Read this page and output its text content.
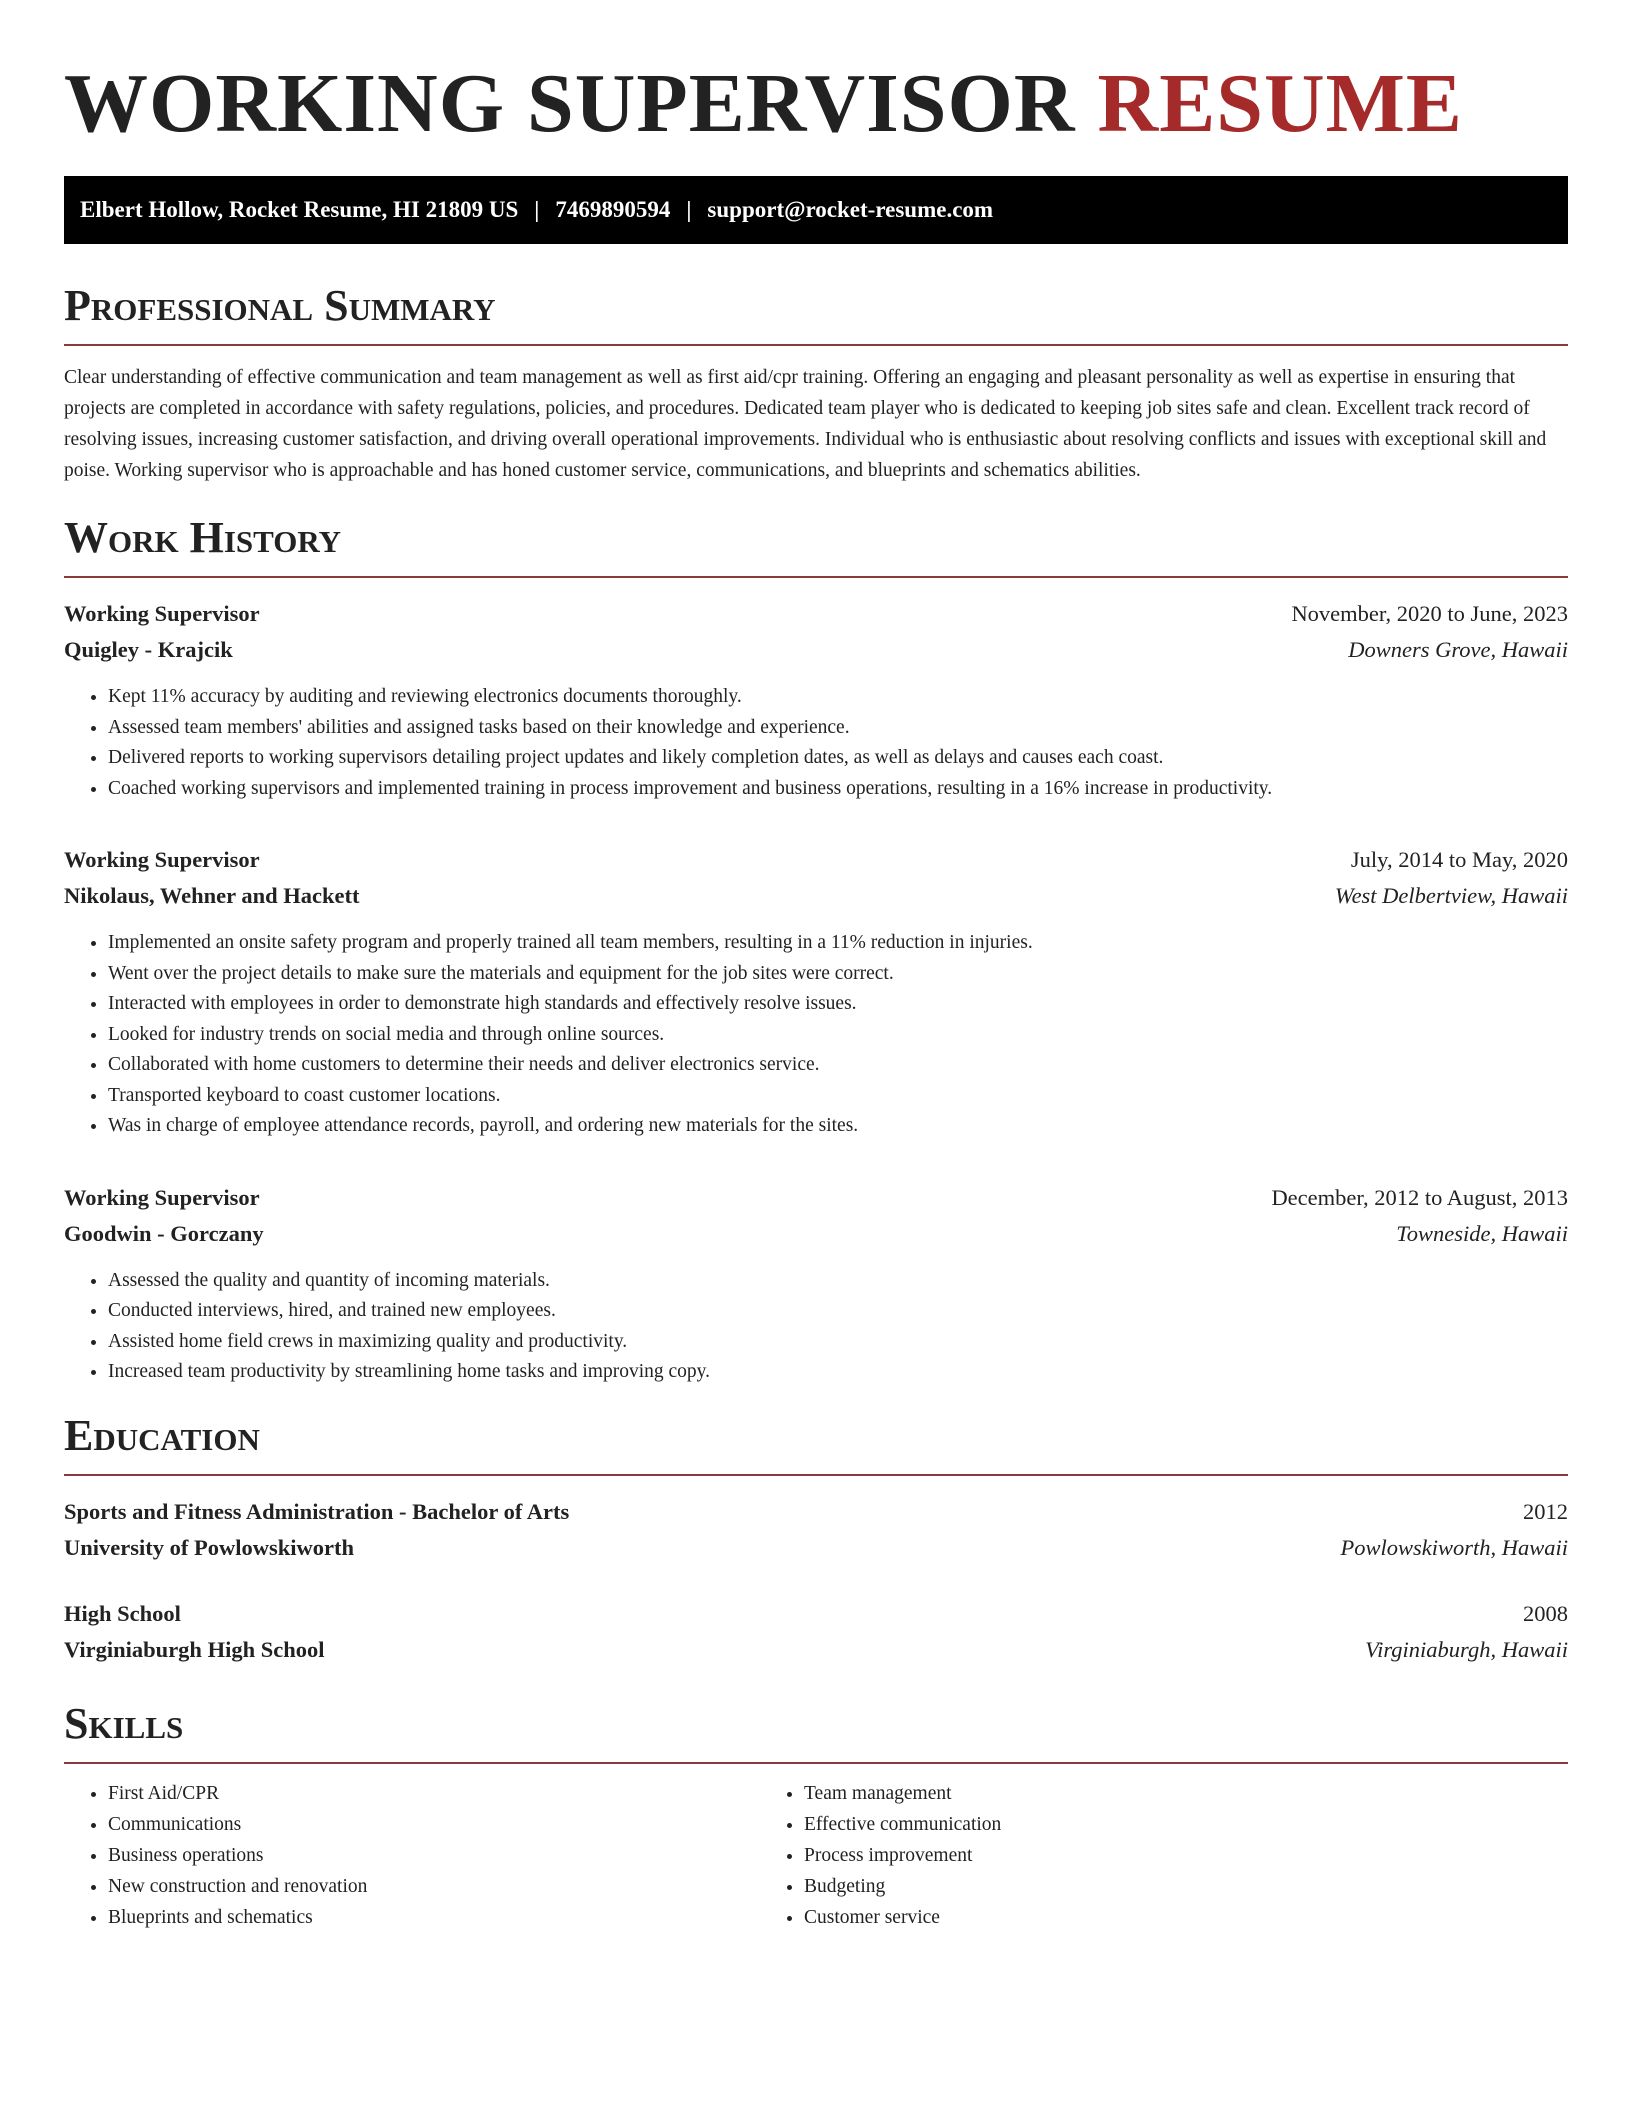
WORKING SUPERVISOR RESUME
Elbert Hollow, Rocket Resume, HI 21809 US | 7469890594 | support@rocket-resume.com
Professional Summary

Clear understanding of effective communication and team management as well as first aid/cpr training. Offering an engaging and pleasant personality as well as expertise in ensuring that projects are completed in accordance with safety regulations, policies, and procedures. Dedicated team player who is dedicated to keeping job sites safe and clean. Excellent track record of resolving issues, increasing customer satisfaction, and driving overall operational improvements. Individual who is enthusiastic about resolving conflicts and issues with exceptional skill and poise. Working supervisor who is approachable and has honed customer service, communications, and blueprints and schematics abilities.

Work History
Working Supervisor	November, 2020 to June, 2023
Quigley - Krajcik	Downers Grove, Hawaii
• Kept 11% accuracy by auditing and reviewing electronics documents thoroughly.
• Assessed team members' abilities and assigned tasks based on their knowledge and experience.
• Delivered reports to working supervisors detailing project updates and likely completion dates, as well as delays and causes each coast.
• Coached working supervisors and implemented training in process improvement and business operations, resulting in a 16% increase in productivity.
Working Supervisor	July, 2014 to May, 2020
Nikolaus, Wehner and Hackett	West Delbertview, Hawaii
• Implemented an onsite safety program and properly trained all team members, resulting in a 11% reduction in injuries.
• Went over the project details to make sure the materials and equipment for the job sites were correct.
• Interacted with employees in order to demonstrate high standards and effectively resolve issues.
• Looked for industry trends on social media and through online sources.
• Collaborated with home customers to determine their needs and deliver electronics service.
• Transported keyboard to coast customer locations.
• Was in charge of employee attendance records, payroll, and ordering new materials for the sites.
Working Supervisor	December, 2012 to August, 2013
Goodwin - Gorczany	Towneside, Hawaii
• Assessed the quality and quantity of incoming materials.
• Conducted interviews, hired, and trained new employees.
• Assisted home field crews in maximizing quality and productivity.
• Increased team productivity by streamlining home tasks and improving copy.
Education
Sports and Fitness Administration - Bachelor of Arts	2012
University of Powlowskiworth	Powlowskiworth, Hawaii
High School	2008
Virginiaburgh High School	Virginiaburgh, Hawaii
Skills
• First Aid/CPR
• Communications
• Business operations
• New construction and renovation
• Blueprints and schematics
• Team management
• Effective communication
• Process improvement
• Budgeting
• Customer service
